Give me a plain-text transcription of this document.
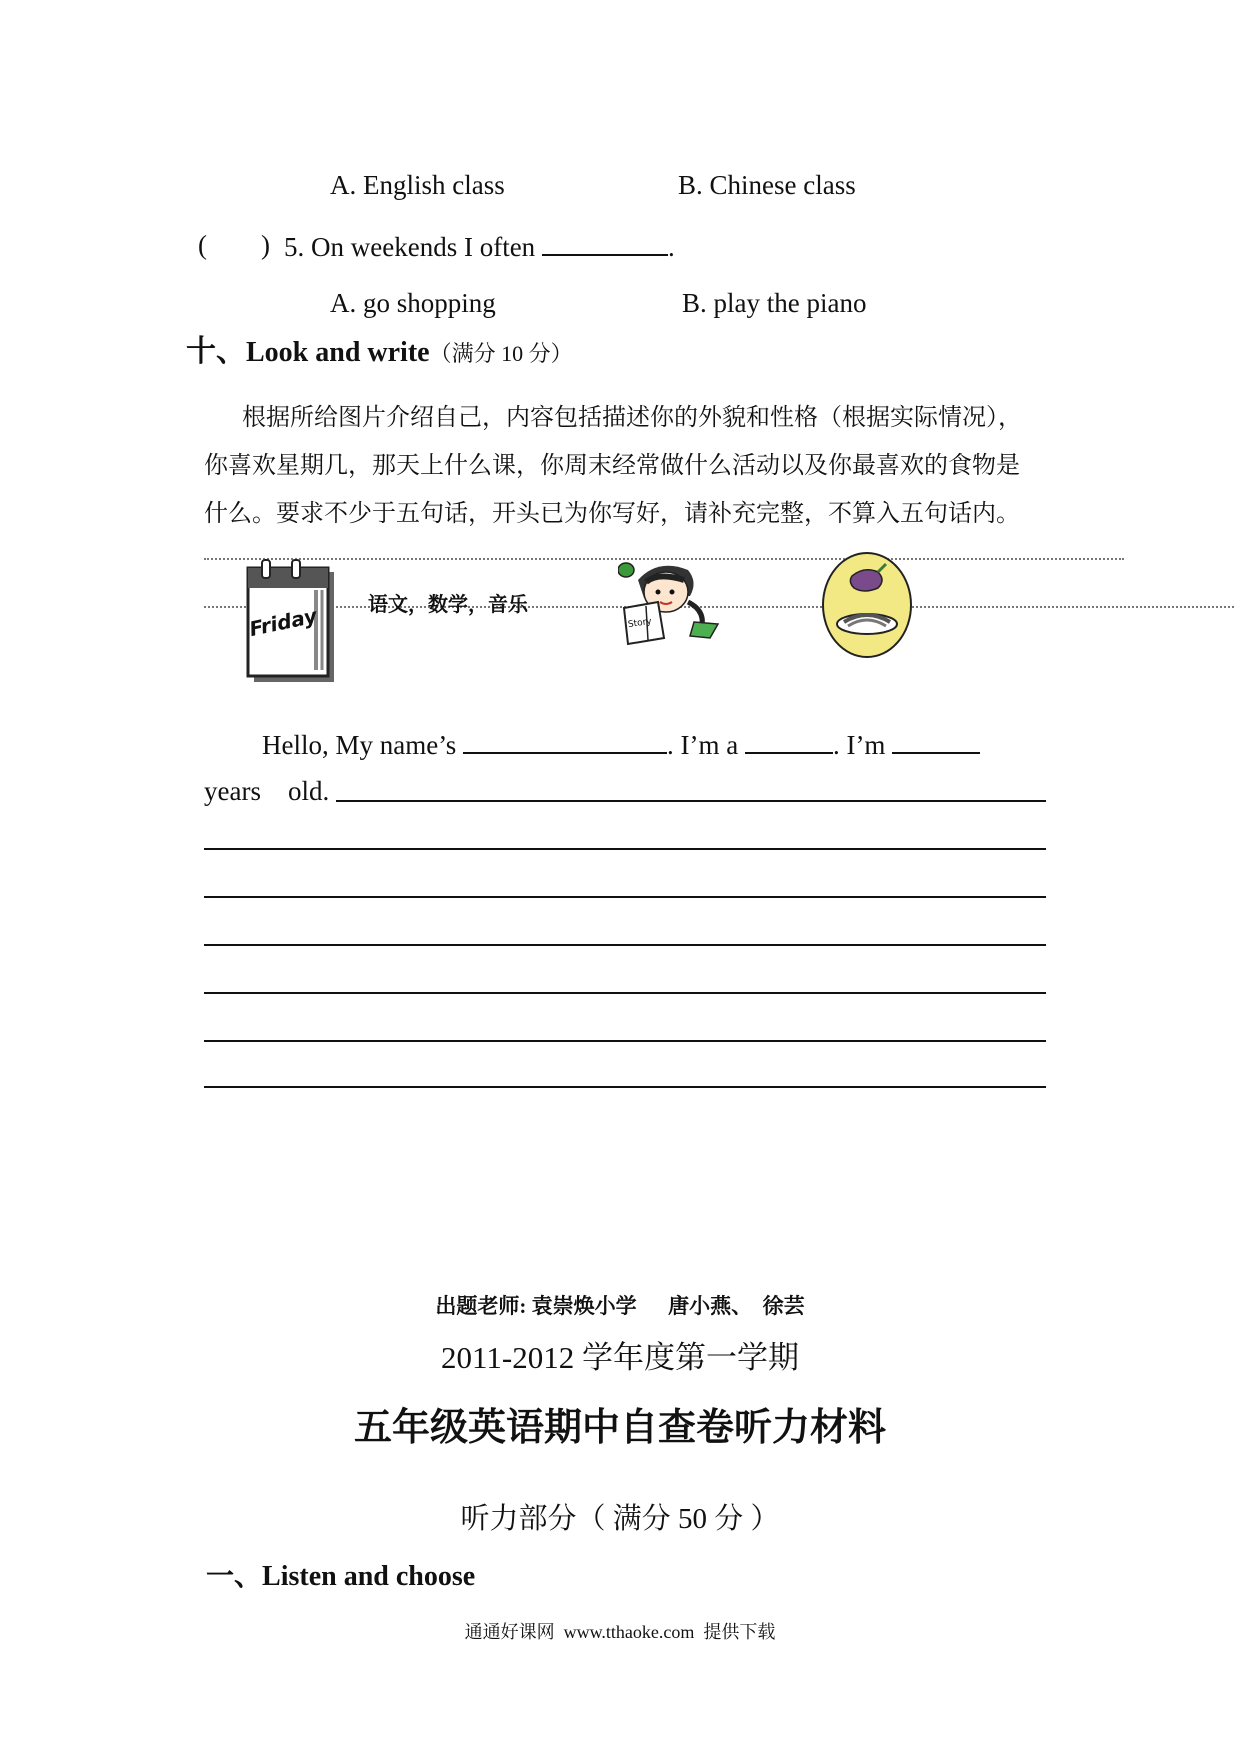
A. English class	B. Chinese class
(        ) 5. On weekends I often	.
A. go shopping	B. play the piano
十、Look and write（满分 10 分）
根据所给图片介绍自己，内容包括描述你的外貌和性格（根据实际情况），
你喜欢星期几，那天上什么课，你周末经常做什么活动以及你最喜欢的食物是
什么。要求不少于五句话，开头已为你写好，请补充完整，不算入五句话内。
Friday 语文，数学，音乐
Story
Hello, My name’s	. I’m a	. I’m
years    old.
出题老师: 袁崇焕小学      唐小燕、  徐芸
2011-2012 学年度第一学期
五年级英语期中自查卷听力材料
听力部分（ 满分 50 分 ）
一、Listen and choose
通通好课网  www.tthaoke.com  提供下载
